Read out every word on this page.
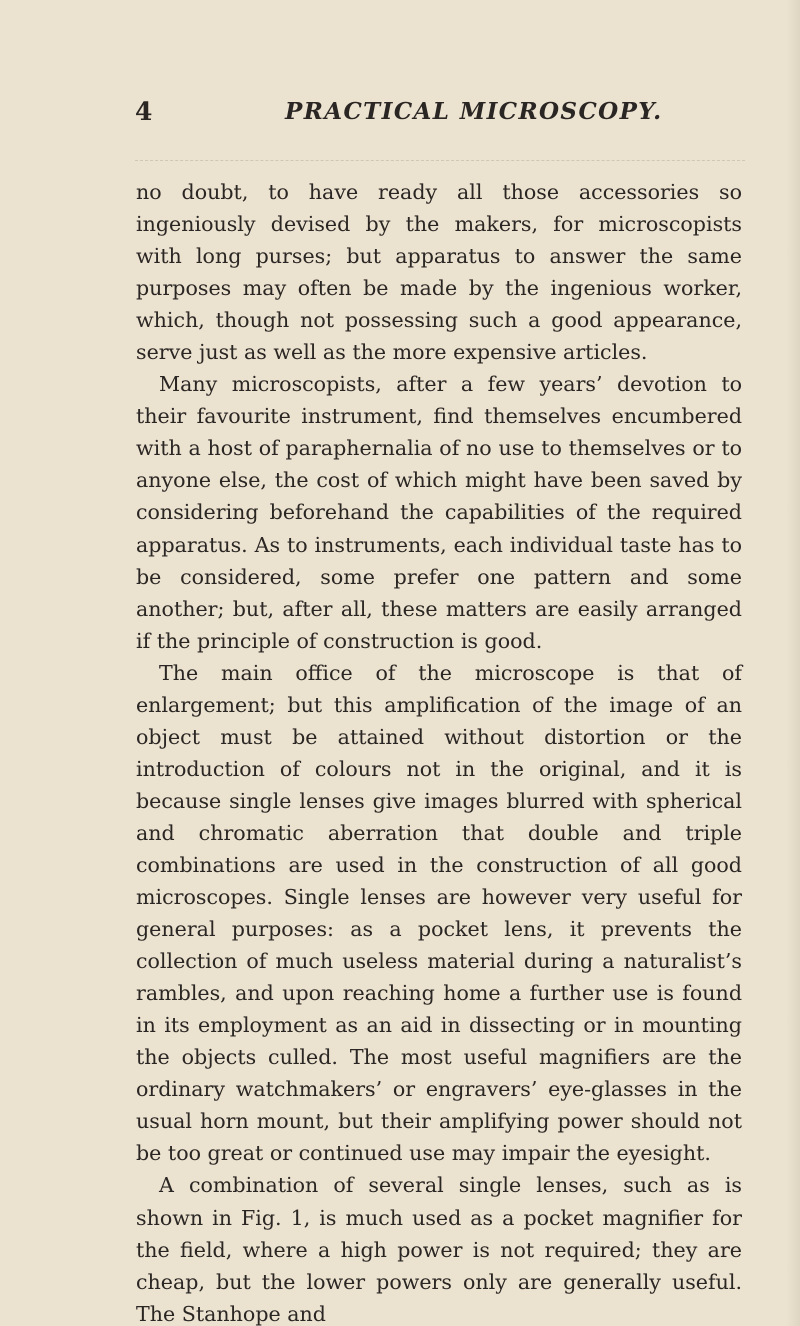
4	PRACTICAL MICROSCOPY.

no doubt, to have ready all those accessories so ingeniously devised by the makers, for microscopists with long purses; but apparatus to answer the same purposes may often be made by the ingenious worker, which, though not possessing such a good appearance, serve just as well as the more expensive articles.

Many microscopists, after a few years’ devotion to their favourite instrument, find themselves encumbered with a host of paraphernalia of no use to themselves or to anyone else, the cost of which might have been saved by considering beforehand the capabilities of the required apparatus. As to instruments, each individual taste has to be considered, some prefer one pattern and some another; but, after all, these matters are easily arranged if the principle of construction is good.

The main office of the microscope is that of enlargement; but this amplification of the image of an object must be attained without distortion or the introduction of colours not in the original, and it is because single lenses give images blurred with spherical and chromatic aberration that double and triple combinations are used in the construction of all good microscopes. Single lenses are however very useful for general purposes: as a pocket lens, it prevents the collection of much useless material during a naturalist’s rambles, and upon reaching home a further use is found in its employment as an aid in dissecting or in mounting the objects culled. The most useful magnifiers are the ordinary watchmakers’ or engravers’ eye-glasses in the usual horn mount, but their amplifying power should not be too great or continued use may impair the eyesight.

A combination of several single lenses, such as is shown in Fig. 1, is much used as a pocket magnifier for the field, where a high power is not required; they are cheap, but the lower powers only are generally useful. The Stanhope and
